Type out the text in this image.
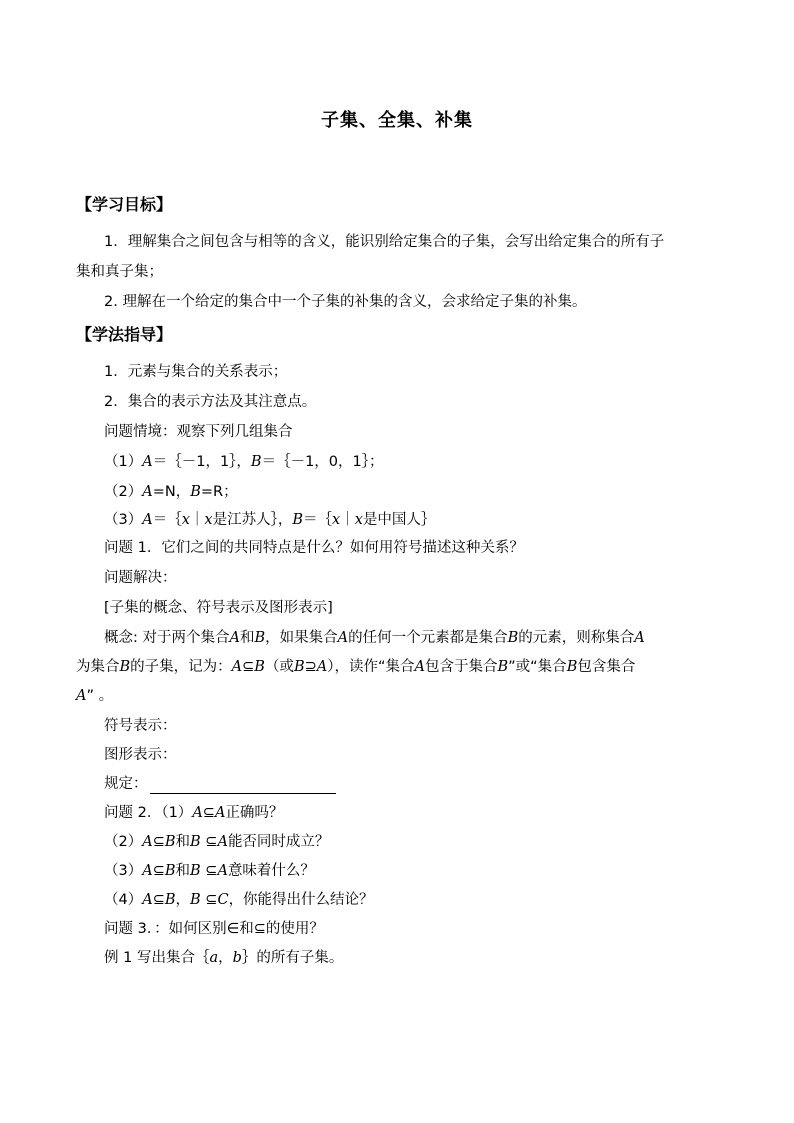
子集、全集、补集
【学习目标】
1．理解集合之间包含与相等的含义，能识别给定集合的子集，会写出给定集合的所有子
集和真子集；
2. 理解在一个给定的集合中一个子集的补集的含义，会求给定子集的补集。
【学法指导】
1．元素与集合的关系表示；
2．集合的表示方法及其注意点。
问题情境：观察下列几组集合
（1）A＝｛－1，1｝，B＝｛－1，0，1｝；
（2）A=N，B=R；
（3）A＝｛x｜x是江苏人｝，B＝｛x｜x是中国人｝
问题 1．它们之间的共同特点是什么？如何用符号描述这种关系？
问题解决：
[子集的概念、符号表示及图形表示]
概念: 对于两个集合A和B，如果集合A的任何一个元素都是集合B的元素，则称集合A
为集合B的子集，记为：A⊆B（或B⊇A），读作“集合A包含于集合B”或“集合B包含集合
A” 。
符号表示：
图形表示：
规定：
问题 2．（1）A⊆A正确吗？
（2）A⊆B和B ⊆A能否同时成立？
（3）A⊆B和B ⊆A意味着什么？
（4）A⊆B，B ⊆C，你能得出什么结论？
问题 3．：如何区别∈和⊆的使用？
例 1 写出集合｛a，b｝的所有子集。
